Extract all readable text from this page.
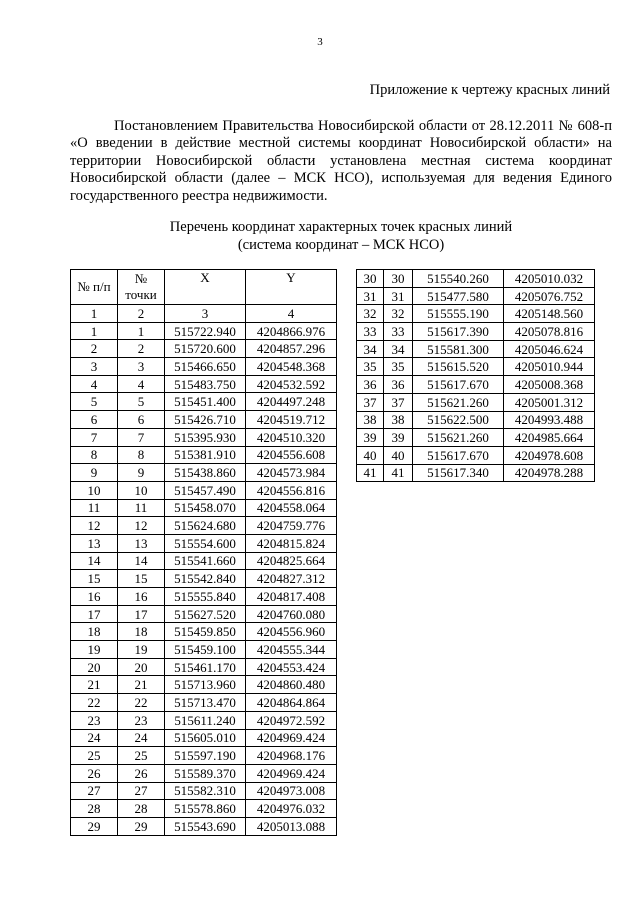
3
Приложение к чертежу красных линий

Постановлением Правительства Новосибирской области от 28.12.2011 № 608-п «О введении в действие местной системы координат Новосибирской области» на территории Новосибирской области установлена местная система координат Новосибирской области (далее – МСК НСО), используемая для ведения Единого государственного реестра недвижимости.

Перечень координат характерных точек красных линий
(система координат – МСК НСО)
№ п/п	№ точки	X	Y
1	2	3	4
1	1	515722.940	4204866.976
2	2	515720.600	4204857.296
3	3	515466.650	4204548.368
4	4	515483.750	4204532.592
5	5	515451.400	4204497.248
6	6	515426.710	4204519.712
7	7	515395.930	4204510.320
8	8	515381.910	4204556.608
9	9	515438.860	4204573.984
10	10	515457.490	4204556.816
11	11	515458.070	4204558.064
12	12	515624.680	4204759.776
13	13	515554.600	4204815.824
14	14	515541.660	4204825.664
15	15	515542.840	4204827.312
16	16	515555.840	4204817.408
17	17	515627.520	4204760.080
18	18	515459.850	4204556.960
19	19	515459.100	4204555.344
20	20	515461.170	4204553.424
21	21	515713.960	4204860.480
22	22	515713.470	4204864.864
23	23	515611.240	4204972.592
24	24	515605.010	4204969.424
25	25	515597.190	4204968.176
26	26	515589.370	4204969.424
27	27	515582.310	4204973.008
28	28	515578.860	4204976.032
29	29	515543.690	4205013.088
30	30	515540.260	4205010.032
31	31	515477.580	4205076.752
32	32	515555.190	4205148.560
33	33	515617.390	4205078.816
34	34	515581.300	4205046.624
35	35	515615.520	4205010.944
36	36	515617.670	4205008.368
37	37	515621.260	4205001.312
38	38	515622.500	4204993.488
39	39	515621.260	4204985.664
40	40	515617.670	4204978.608
41	41	515617.340	4204978.288
